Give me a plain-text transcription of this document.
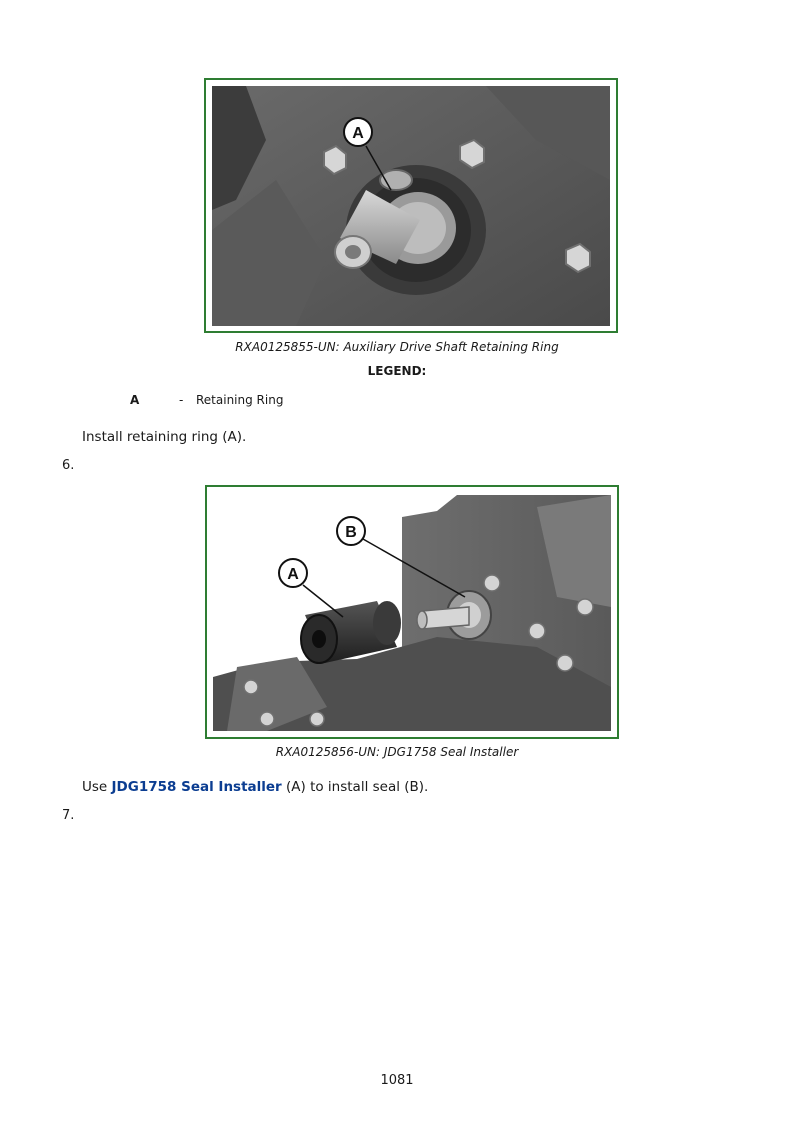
A
RXA0125855-UN: Auxiliary Drive Shaft Retaining Ring
LEGEND:
A	- Retaining Ring
Install retaining ring (A).
6.
A
B
RXA0125856-UN: JDG1758 Seal Installer
Use JDG1758 Seal Installer (A) to install seal (B).
7.
1081
